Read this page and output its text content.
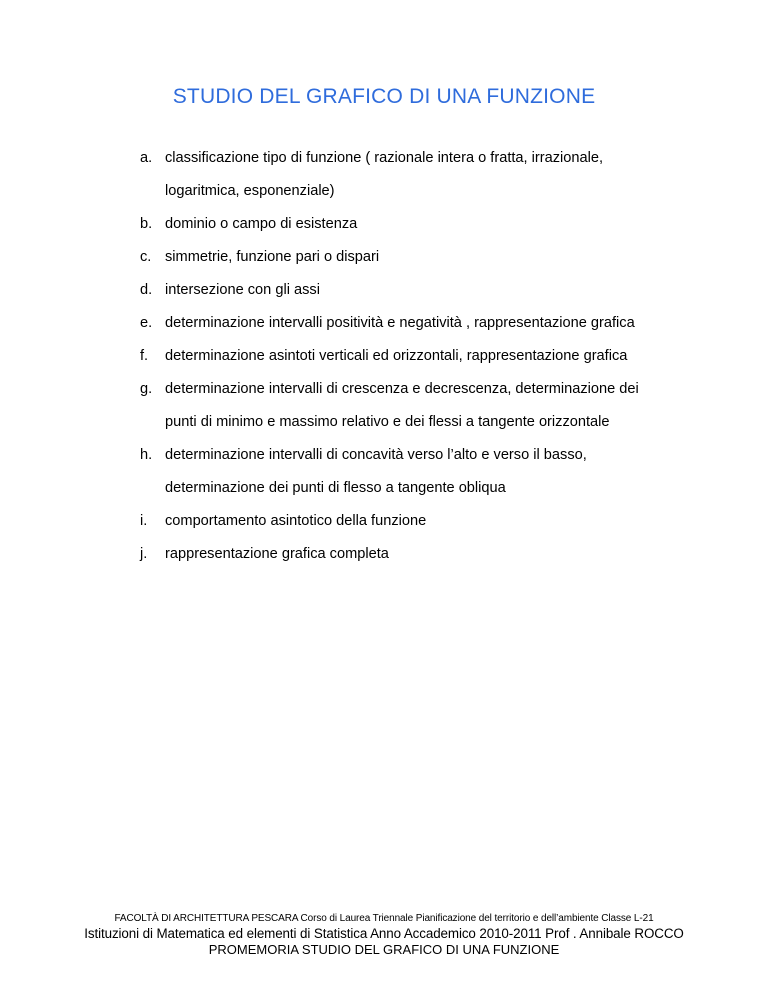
STUDIO DEL GRAFICO DI UNA FUNZIONE
a. classificazione tipo di funzione ( razionale intera o fratta, irrazionale,
logaritmica, esponenziale)
b. dominio o campo di esistenza
c. simmetrie, funzione pari o dispari
d. intersezione con gli assi
e. determinazione intervalli positività e negatività , rappresentazione grafica
f.	determinazione asintoti verticali ed orizzontali, rappresentazione grafica
g. determinazione intervalli di crescenza e decrescenza, determinazione dei
punti di minimo e massimo relativo e dei flessi a tangente orizzontale
h. determinazione intervalli di concavità verso l’alto e verso il basso,
determinazione dei punti di flesso a tangente obliqua
i.	comportamento asintotico della funzione
j.	rappresentazione grafica completa
FACOLTÀ DI ARCHITETTURA PESCARA Corso di Laurea Triennale Pianificazione del territorio e dell’ambiente Classe L-21
Istituzioni di Matematica ed elementi di Statistica Anno Accademico 2010-2011 Prof . Annibale ROCCO
PROMEMORIA STUDIO DEL GRAFICO DI UNA FUNZIONE
